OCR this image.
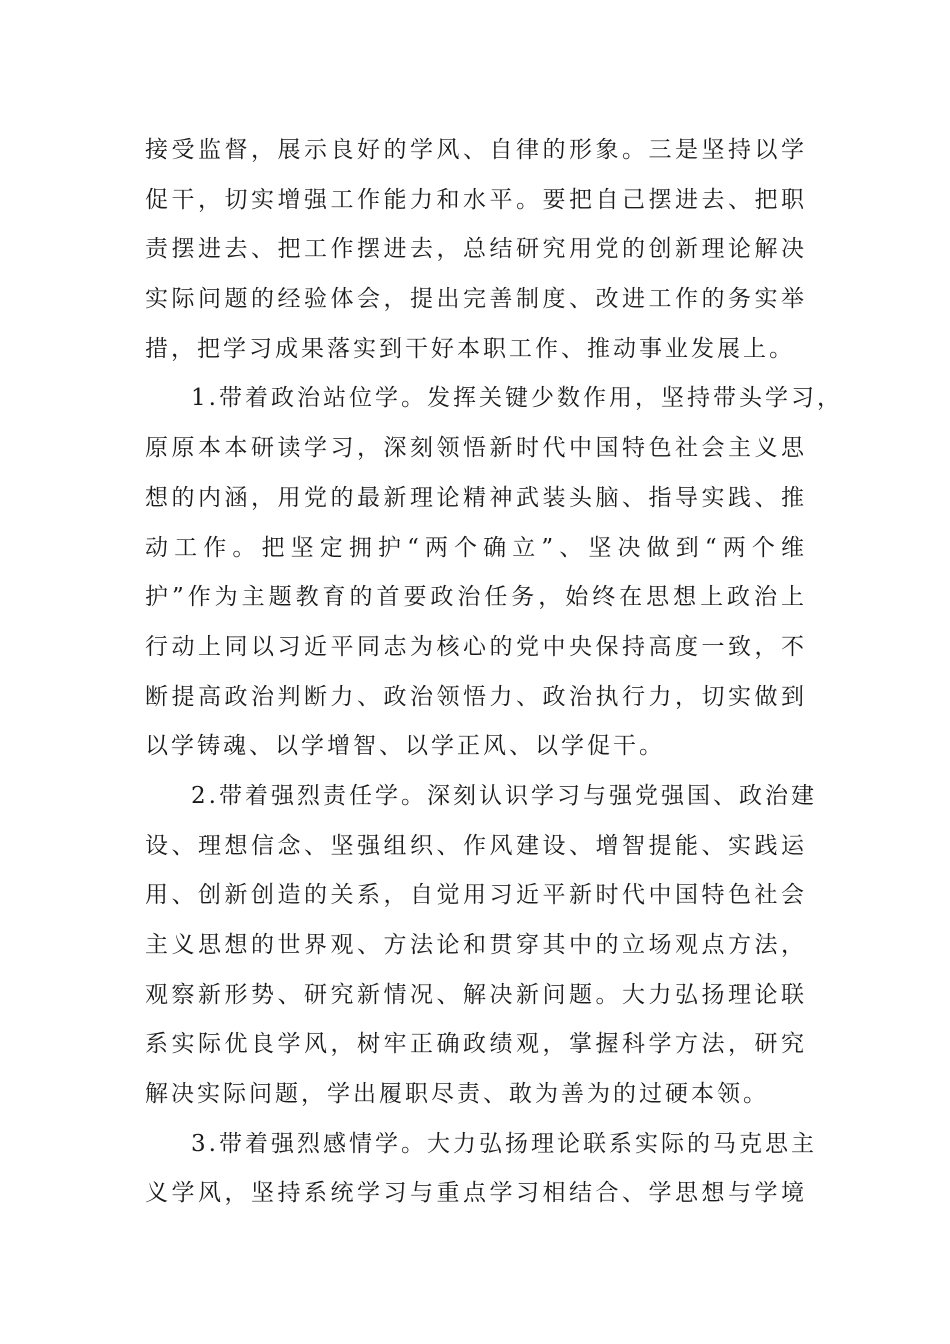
接受监督，展示良好的学风、自律的形象。三是坚持以学
促干，切实增强工作能力和水平。要把自己摆进去、把职
责摆进去、把工作摆进去，总结研究用党的创新理论解决
实际问题的经验体会，提出完善制度、改进工作的务实举
措，把学习成果落实到干好本职工作、推动事业发展上。
1.带着政治站位学。发挥关键少数作用，坚持带头学习，
原原本本研读学习，深刻领悟新时代中国特色社会主义思
想的内涵，用党的最新理论精神武装头脑、指导实践、推
动工作。把坚定拥护“两个确立”、坚决做到“两个维
护”作为主题教育的首要政治任务，始终在思想上政治上
行动上同以习近平同志为核心的党中央保持高度一致，不
断提高政治判断力、政治领悟力、政治执行力，切实做到
以学铸魂、以学增智、以学正风、以学促干。
2.带着强烈责任学。深刻认识学习与强党强国、政治建
设、理想信念、坚强组织、作风建设、增智提能、实践运
用、创新创造的关系，自觉用习近平新时代中国特色社会
主义思想的世界观、方法论和贯穿其中的立场观点方法，
观察新形势、研究新情况、解决新问题。大力弘扬理论联
系实际优良学风，树牢正确政绩观，掌握科学方法，研究
解决实际问题，学出履职尽责、敢为善为的过硬本领。
3.带着强烈感情学。大力弘扬理论联系实际的马克思主
义学风，坚持系统学习与重点学习相结合、学思想与学境
